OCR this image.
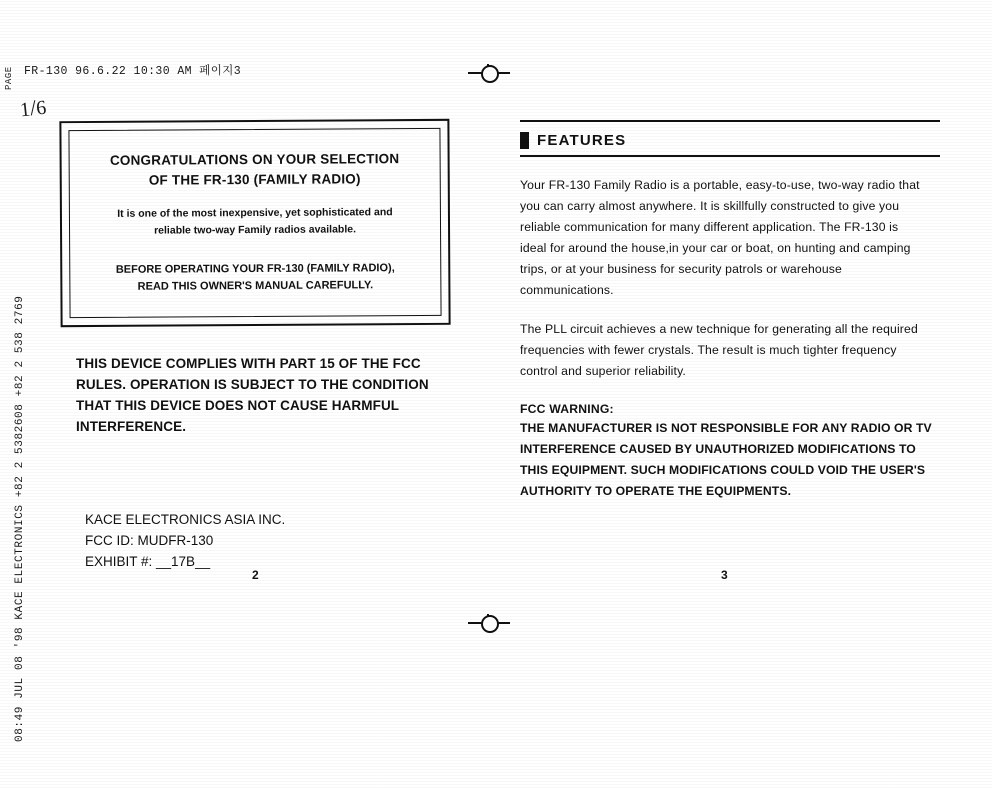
08:49 JUL 08 '98 KACE ELECTRONICS +82 2 5382608 +82 2 538 2769
PAGE
1/6
FR-130 96.6.22 10:30 AM 페이지3
CONGRATULATIONS ON YOUR SELECTION
OF THE FR-130 (FAMILY RADIO)
It is one of the most inexpensive, yet sophisticated and
reliable two-way Family radios available.
BEFORE OPERATING YOUR FR-130 (FAMILY RADIO),
READ THIS OWNER'S MANUAL CAREFULLY.
THIS DEVICE COMPLIES WITH PART 15 OF THE FCC
RULES. OPERATION IS SUBJECT TO THE CONDITION
THAT THIS DEVICE DOES NOT CAUSE HARMFUL
INTERFERENCE.
KACE ELECTRONICS ASIA INC.
FCC ID: MUDFR-130
EXHIBIT #: __17B__
2
FEATURES

Your FR-130 Family Radio is a portable, easy-to-use, two-way radio that you can carry almost anywhere. It is skillfully constructed to give you reliable communication for many different application. The FR-130 is ideal for around the house,in your car or boat, on hunting and camping trips, or at your business for security patrols or warehouse communications.

The PLL circuit achieves a new technique for generating all the required frequencies with fewer crystals. The result is much tighter frequency control and superior reliability.

FCC WARNING:

THE MANUFACTURER IS NOT RESPONSIBLE FOR ANY RADIO OR TV INTERFERENCE CAUSED BY UNAUTHORIZED MODIFICATIONS TO THIS EQUIPMENT. SUCH MODIFICATIONS COULD VOID THE USER'S AUTHORITY TO OPERATE THE EQUIPMENTS.

3
